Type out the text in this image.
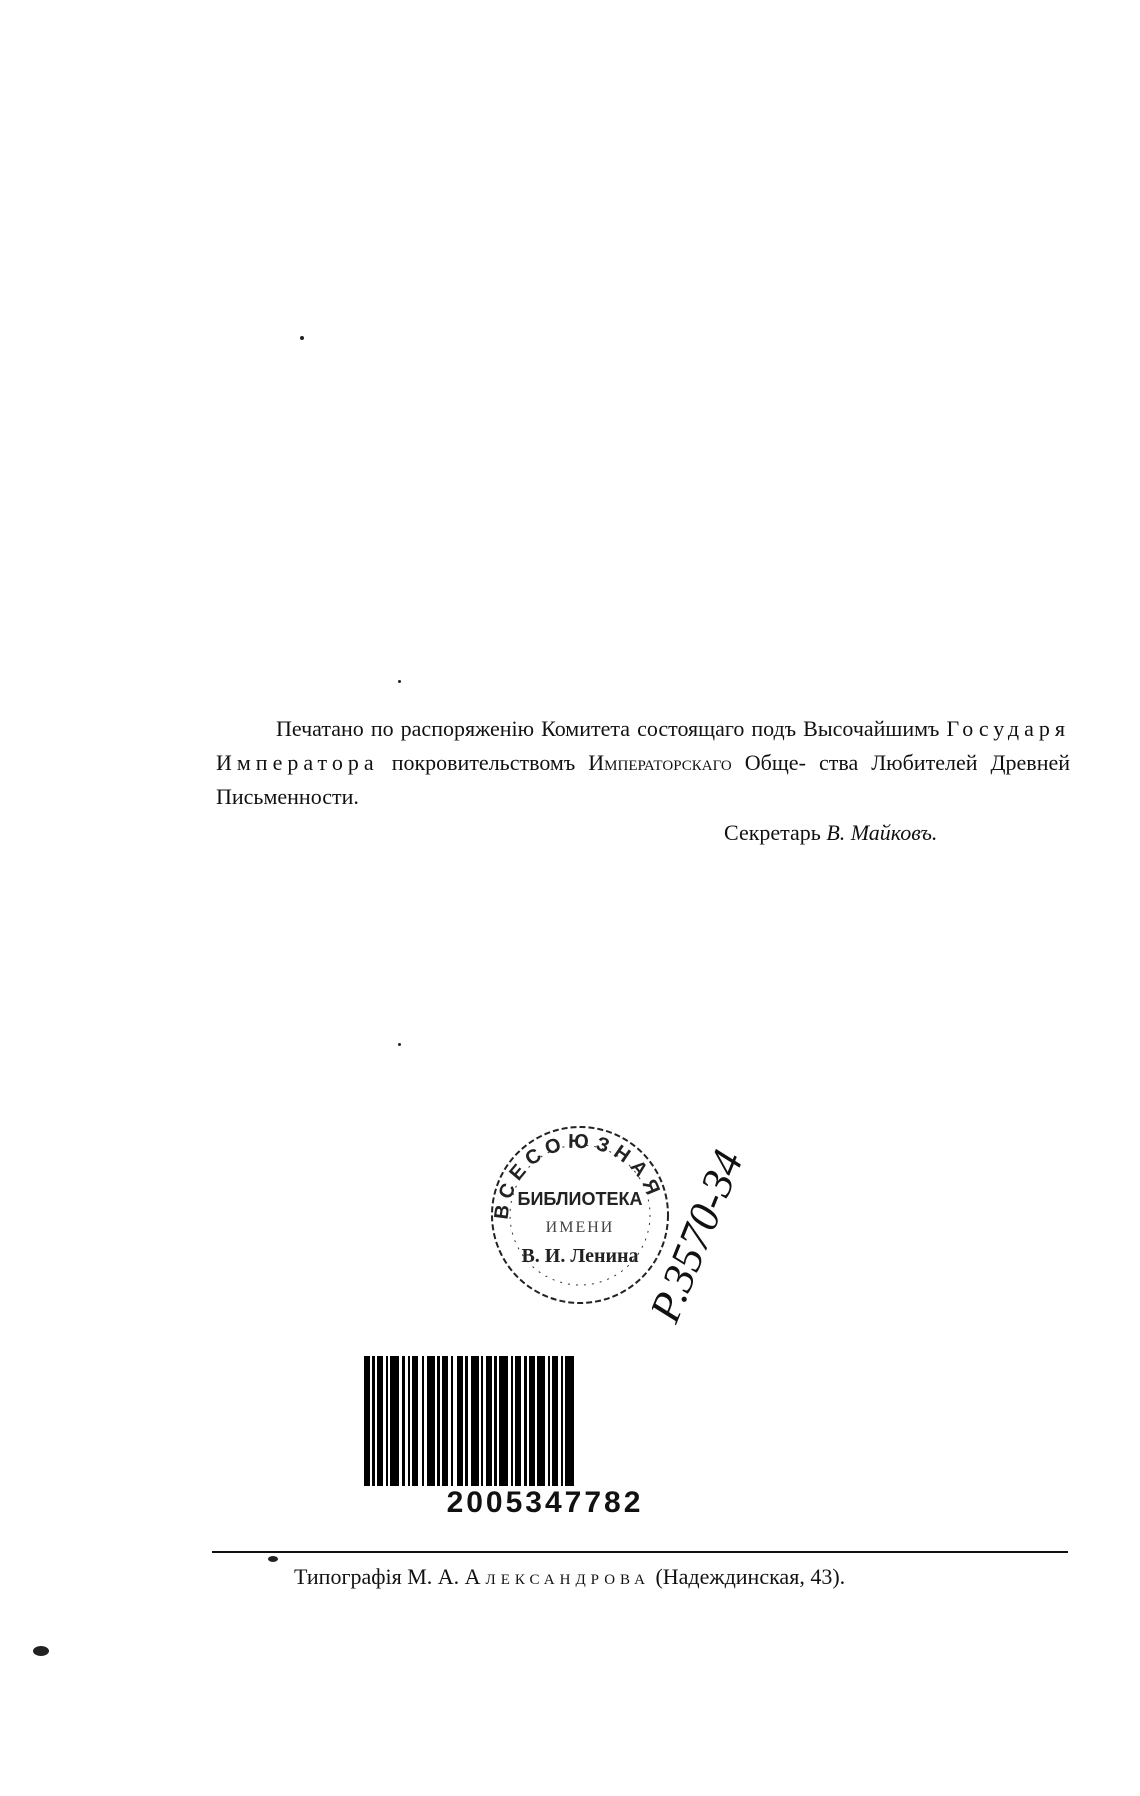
Печатано по распоряженію Комитета состоящаго подъ Высочайшимъ Государя Императора покровительствомъ Императорскаго Обще- ства Любителей Древней Письменности.

Секретарь В. Майковъ.
ВСЕСОЮЗНАЯ
БИБЛИОТЕКА
ИМЕНИ
В. И. Ленина Р.3570-34
2005347782
Типографія М. А. Александрова (Надеждинская, 43).
